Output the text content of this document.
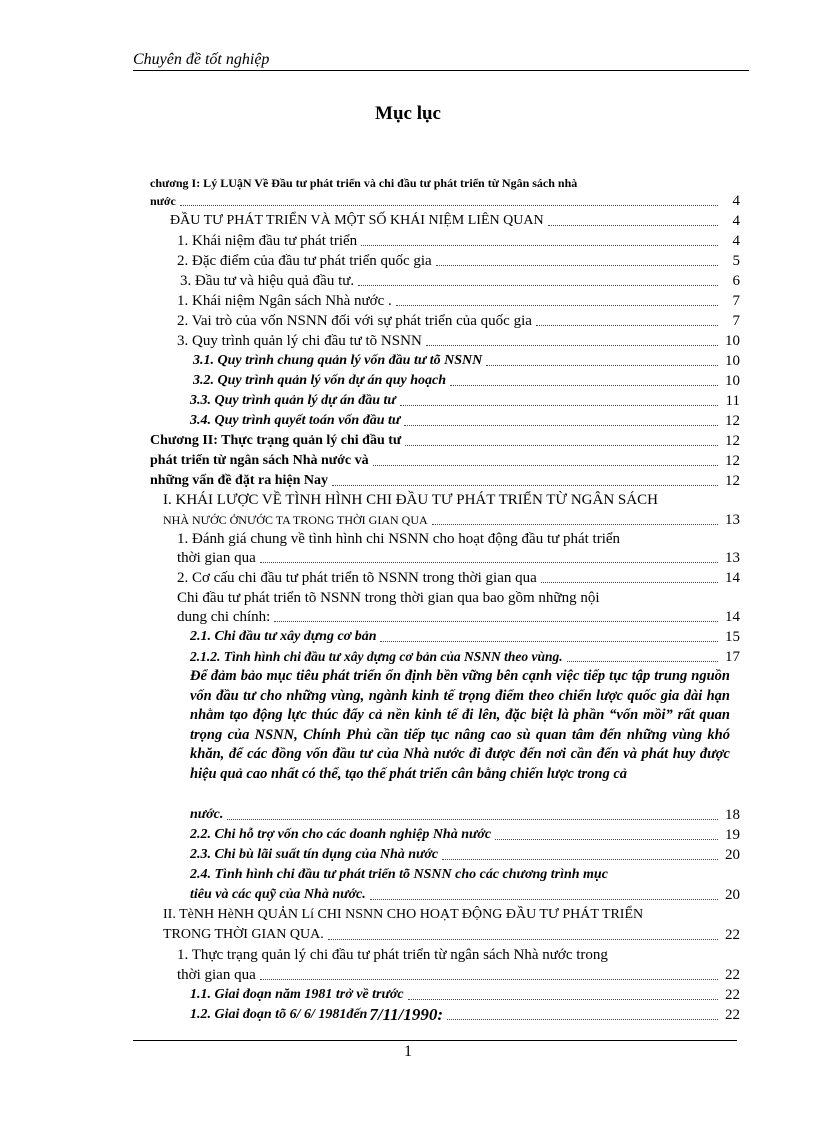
Chuyên đề tốt nghiệp
Mục lục
chương I: Lý LUậN Về Đầu tư phát triển và chi đầu tư phát triển từ Ngân sách nhà
nước	4
ĐẦU TƯ PHÁT TRIỂN VÀ MỘT SỐ KHÁI NIỆM LIÊN QUAN	4
1. Khái niệm đầu tư phát triển	4
2. Đặc điểm của đầu tư phát triển quốc gia	5
3. Đầu tư và hiệu quả đầu tư.	6
1. Khái niệm Ngân sách Nhà nước .	7
2. Vai trò của vốn NSNN đối với sự phát triển của quốc gia	7
3. Quy trình quản lý chi đầu tư tõ NSNN	10
3.1. Quy trình chung quản lý vốn đầu tư tõ NSNN	10
3.2. Quy trình quản lý vốn dự án quy hoạch	10
3.3. Quy trình quản lý dự án đầu tư	11
3.4. Quy trình quyết toán vốn đầu tư	12
Chương II: Thực trạng quản lý chi đầu tư	12
phát triển từ ngân sách Nhà nước và	12
những vấn đề đặt ra hiện Nay	12
I. KHÁI LƯỢC VỀ TÌNH HÌNH CHI ĐẦU TƯ PHÁT TRIỂN TỪ NGÂN SÁCH
NHÀ NƯỚC ỞNƯỚC TA TRONG THỜI GIAN QUA	13
1. Đánh giá chung về tình hình chi NSNN cho hoạt động đầu tư phát triển
thời gian qua	13
2. Cơ cấu chi đầu tư phát triển tõ NSNN trong thời gian qua	14
Chi đầu tư phát triển tõ NSNN trong thời gian qua bao gồm những nội
dung chi chính:	14
2.1. Chi đầu tư xây dựng cơ bản	15
2.1.2. Tình hình chi đầu tư xây dựng cơ bản của NSNN theo vùng.	17
Để đảm bảo mục tiêu phát triển ổn định bền vững bên cạnh việc tiếp tục tập trung nguồn vốn đầu tư cho những vùng, ngành kinh tế trọng điểm theo chiến lược quốc gia dài hạn nhằm tạo động lực thúc đẩy cả nền kinh tế đi lên, đặc biệt là phần “vốn mồi” rất quan trọng của NSNN, Chính Phủ cần tiếp tục nâng cao sù quan tâm đến những vùng khó khăn, để các đồng vốn đầu tư của Nhà nước đi được đến nơi cần đến và phát huy được hiệu quả cao nhất có thể, tạo thế phát triển cân bằng chiến lược trong cả
nước.	18
2.2. Chi hỗ trợ vốn cho các doanh nghiệp Nhà nước	19
2.3. Chi bù lãi suất tín dụng của Nhà nước	20
2.4. Tình hình chi đầu tư phát triển tõ NSNN cho các chương trình mục
tiêu và các quỹ của Nhà nước.	20
II. TèNH HèNH QUẢN Lí CHI NSNN CHO HOẠT ĐỘNG ĐẦU TƯ PHÁT TRIỂN
TRONG THỜI GIAN QUA.	22
1. Thực trạng quản lý chi đầu tư phát triển từ ngân sách Nhà nước trong
thời gian qua	22
1.1. Giai đoạn năm 1981 trở về trước	22
1.2. Giai đoạn tõ 6/ 6/ 1981đến 7/11/1990:	22
1
